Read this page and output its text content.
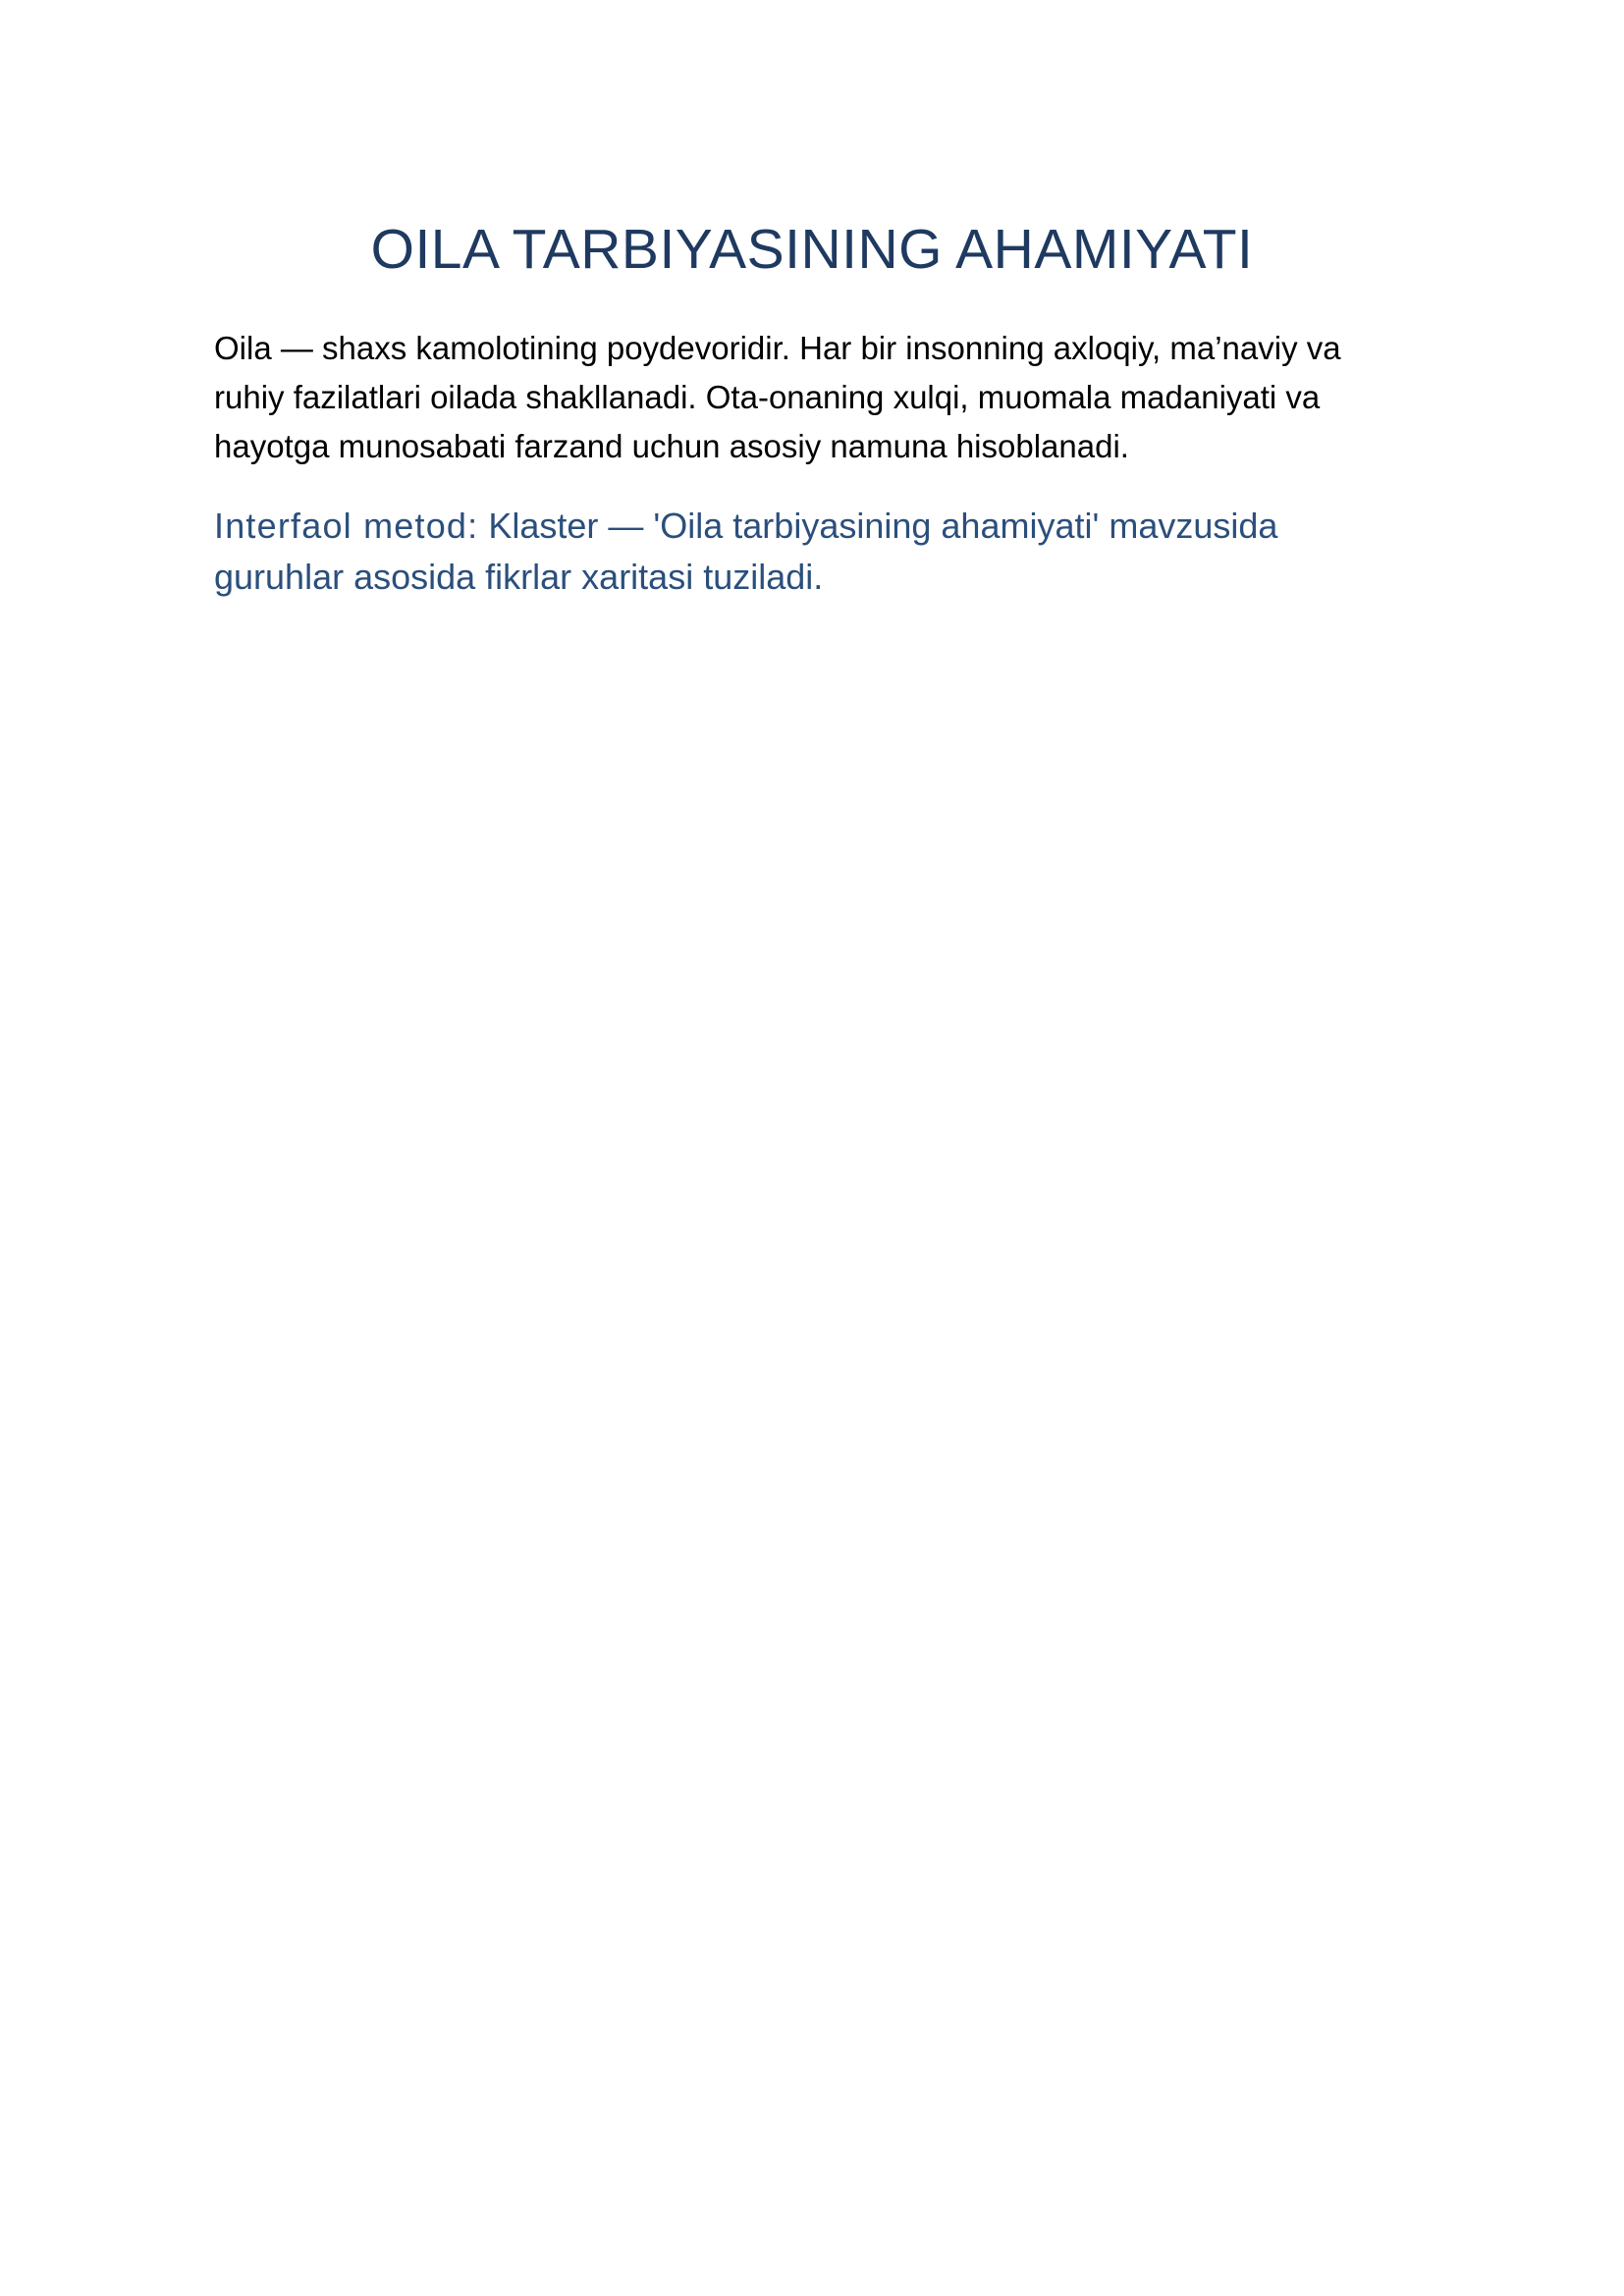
OILA TARBIYASINING AHAMIYATI

Oila — shaxs kamolotining poydevoridir. Har bir insonning axloqiy, ma’naviy va ruhiy fazilatlari oilada shakllanadi. Ota-onaning xulqi, muomala madaniyati va hayotga munosabati farzand uchun asosiy namuna hisoblanadi.

Interfaol metod: Klaster — 'Oila tarbiyasining ahamiyati' mavzusida guruhlar asosida fikrlar xaritasi tuziladi.
